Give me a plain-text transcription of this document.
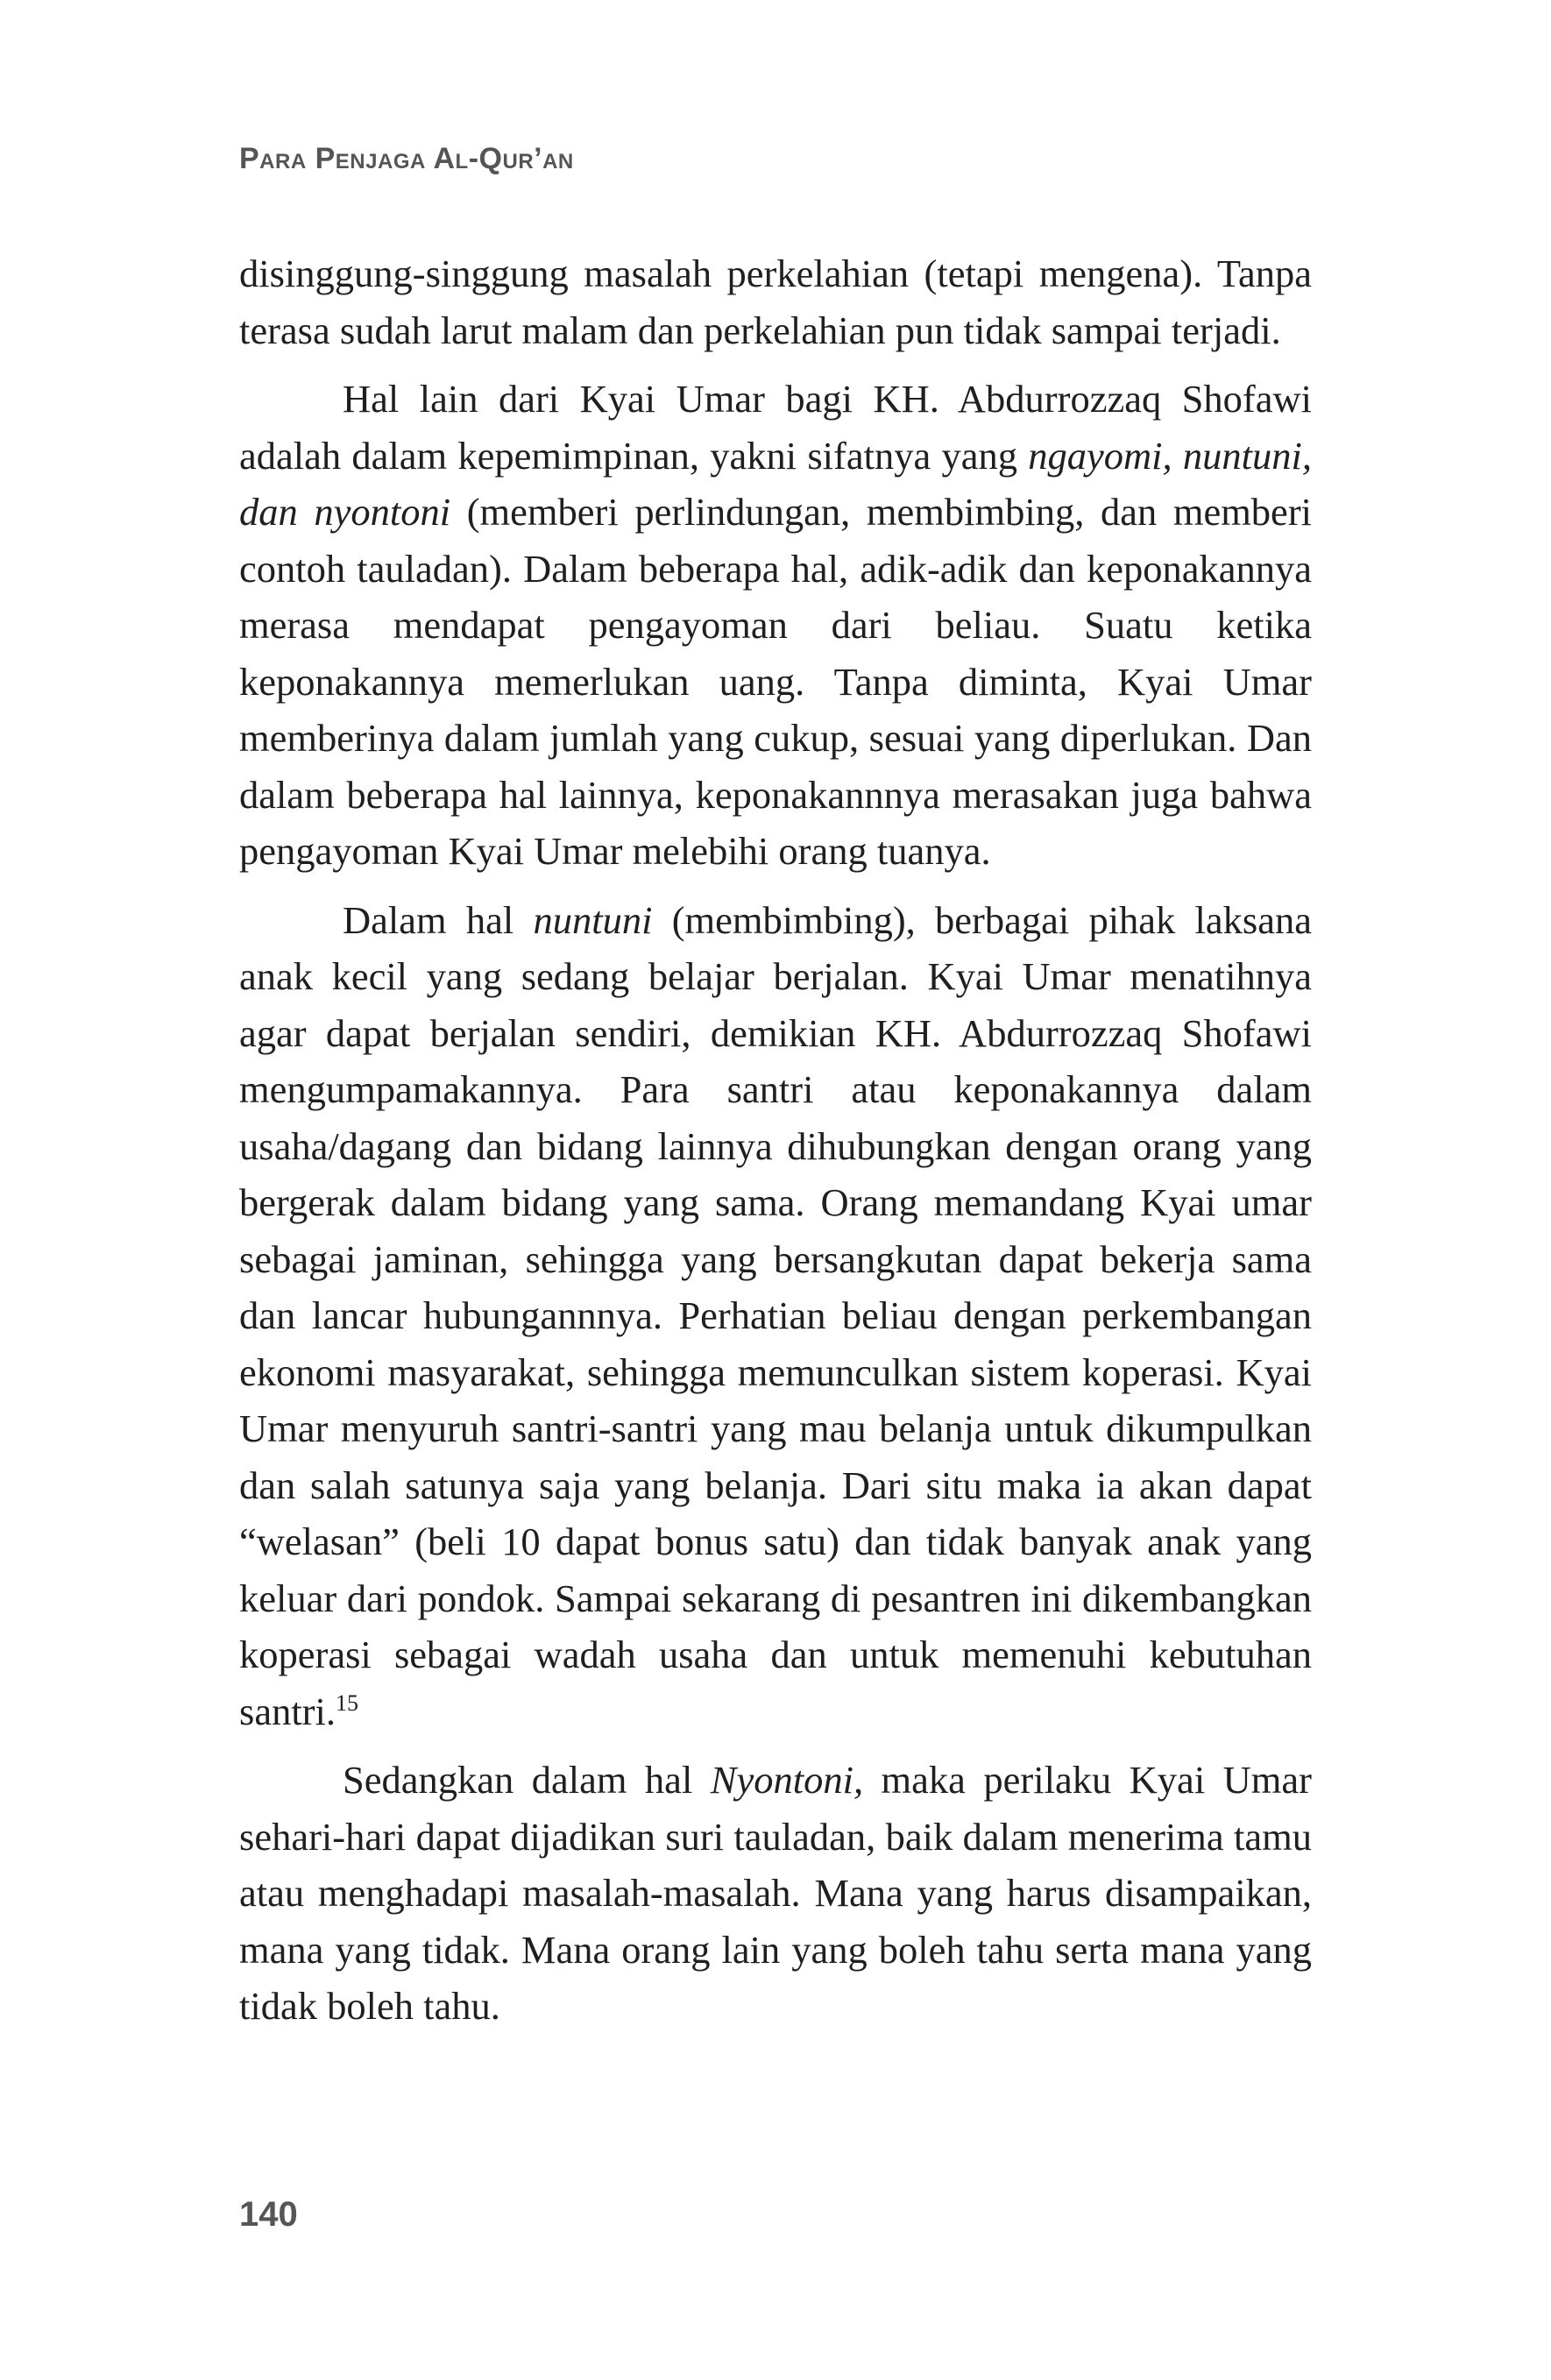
Para Penjaga Al-Qur’an

disinggung-singgung masalah perkelahian (tetapi mengena). Tanpa terasa sudah larut malam dan perkelahian pun tidak sampai terjadi.

Hal lain dari Kyai Umar bagi KH. Abdurrozzaq Shofawi adalah dalam kepemimpinan, yakni sifatnya yang ngayomi, nuntuni, dan nyontoni (memberi perlindungan, membimbing, dan memberi contoh tauladan). Dalam beberapa hal, adik-adik dan keponakannya merasa mendapat pengayoman dari beliau. Suatu ketika keponakannya memerlukan uang. Tanpa diminta, Kyai Umar memberinya dalam jumlah yang cukup, sesuai yang diperlukan. Dan dalam beberapa hal lainnya, keponakannnya merasakan juga bahwa pengayoman Kyai Umar melebihi orang tuanya.

Dalam hal nuntuni (membimbing), berbagai pihak laksana anak kecil yang sedang belajar berjalan. Kyai Umar menatihnya agar dapat berjalan sendiri, demikian KH. Abdurrozzaq Shofawi mengumpamakannya. Para santri atau keponakannya dalam usaha/dagang dan bidang lainnya dihubungkan dengan orang yang bergerak dalam bidang yang sama. Orang memandang Kyai umar sebagai jaminan, sehingga yang bersangkutan dapat bekerja sama dan lancar hubungannnya. Perhatian beliau dengan perkembangan ekonomi masyarakat, sehingga memunculkan sistem koperasi. Kyai Umar menyuruh santri-santri yang mau belanja untuk dikumpulkan dan salah satunya saja yang belanja. Dari situ maka ia akan dapat “welasan” (beli 10 dapat bonus satu) dan tidak banyak anak yang keluar dari pondok. Sampai sekarang di pesantren ini dikembangkan koperasi sebagai wadah usaha dan untuk memenuhi kebutuhan santri.$^{15}$

Sedangkan dalam hal Nyontoni, maka perilaku Kyai Umar sehari-hari dapat dijadikan suri tauladan, baik dalam menerima tamu atau menghadapi masalah-masalah. Mana yang harus disampaikan, mana yang tidak. Mana orang lain yang boleh tahu serta mana yang tidak boleh tahu.

140
